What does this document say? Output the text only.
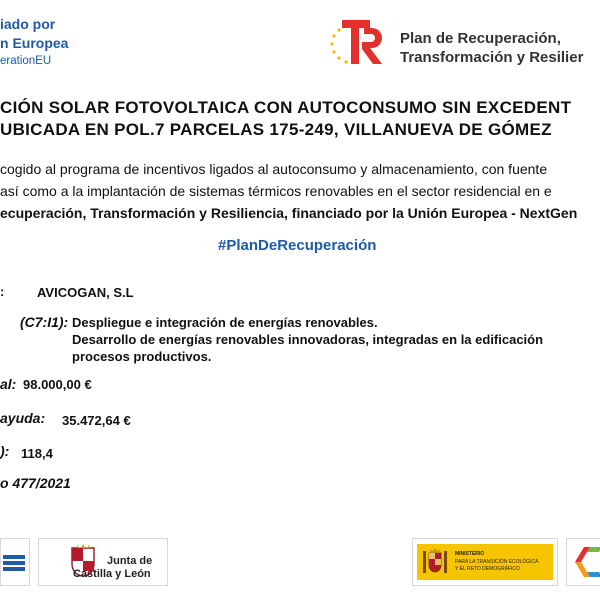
iado por
n Europea
erationEU
Plan de Recuperación,
Transformación y Resilier
CIÓN SOLAR FOTOVOLTAICA CON AUTOCONSUMO SIN EXCEDENT
UBICADA EN POL.7 PARCELAS 175-249, VILLANUEVA DE GÓMEZ
cogido al programa de incentivos ligados al autoconsumo y almacenamiento, con fuente
así como a la implantación de sistemas térmicos renovables en el sector residencial en e
ecuperación, Transformación y Resiliencia, financiado por la Unión Europea - NextGen
#PlanDeRecuperación
:	AVICOGAN, S.L
(C7:I1): Despliegue e integración de energías renovables.
Desarrollo de energías renovables innovadoras, integradas en la edificación
procesos productivos.
al: 98.000,00 €
ayuda: 35.472,64 €
): 118,4
o 477/2021
Junta de
Castilla y León
MINISTERIO
PARA LA TRANSICIÓN ECOLÓGICA
Y EL RETO DEMOGRÁFICO
